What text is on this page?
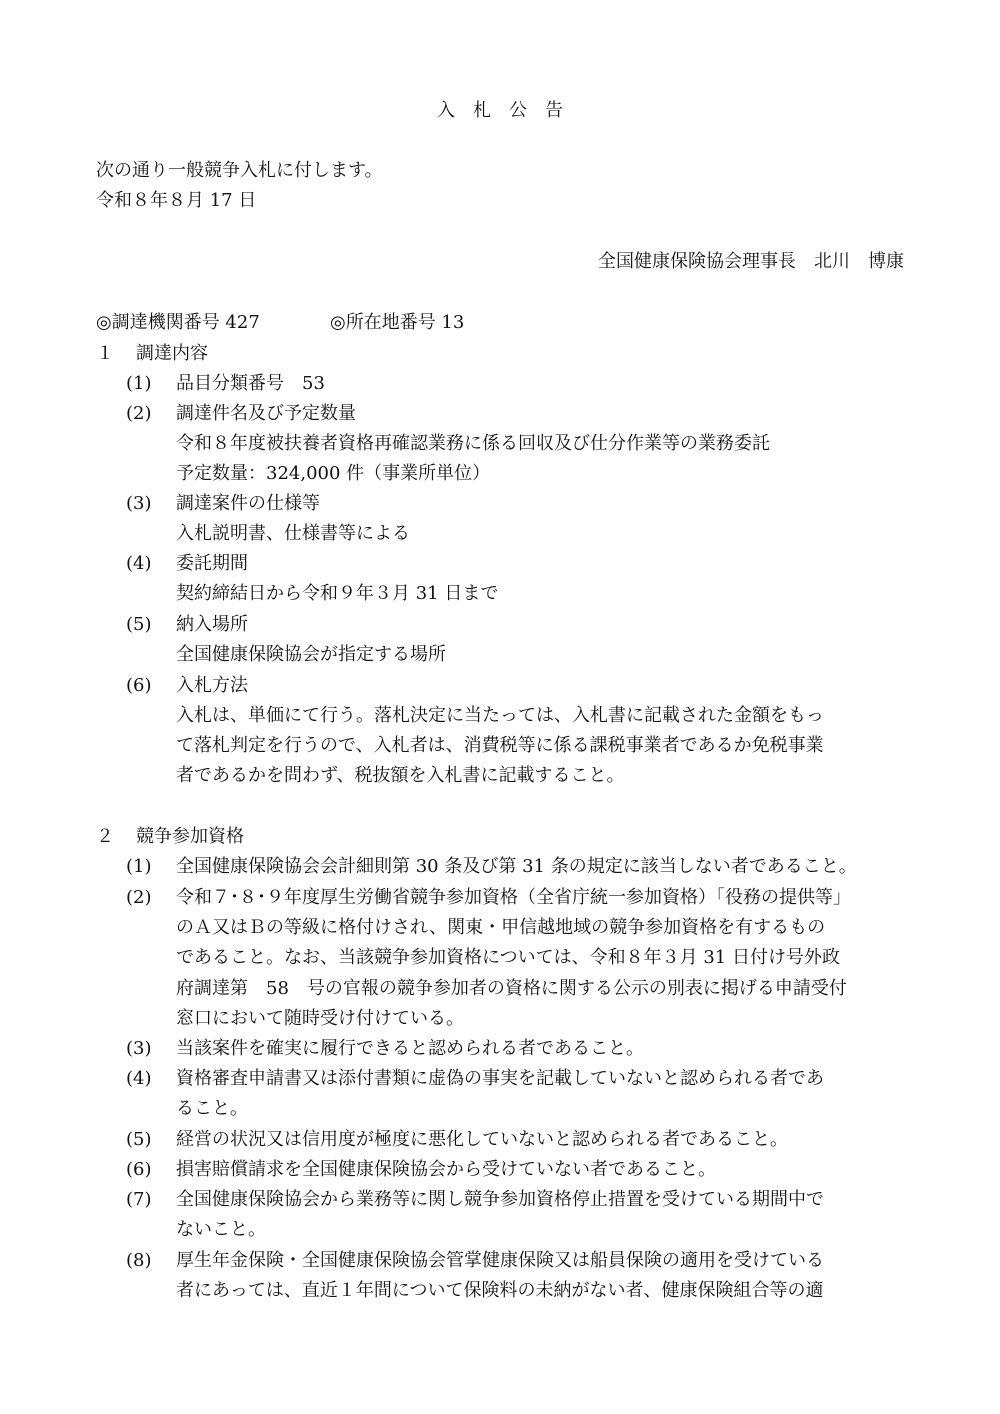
入　札　公　告
次の通り一般競争入札に付します。
令和８年８月 17 日
全国健康保険協会理事長　北川　博康
◎調達機関番号 427	◎所在地番号 13
１ 調達内容
(1) 品目分類番号　53
(2) 調達件名及び予定数量
令和８年度被扶養者資格再確認業務に係る回収及び仕分作業等の業務委託
予定数量：324,000 件（事業所単位）
(3) 調達案件の仕様等
入札説明書、仕様書等による
(4) 委託期間
契約締結日から令和９年３月 31 日まで
(5) 納入場所
全国健康保険協会が指定する場所
(6) 入札方法
入札は、単価にて行う。落札決定に当たっては、入札書に記載された金額をもっ
て落札判定を行うので、入札者は、消費税等に係る課税事業者であるか免税事業
者であるかを問わず、税抜額を入札書に記載すること。
２ 競争参加資格
(1) 全国健康保険協会会計細則第 30 条及び第 31 条の規定に該当しない者であること。
(2) 令和７･８･９年度厚生労働省競争参加資格（全省庁統一参加資格）「役務の提供等」
のＡ又はＢの等級に格付けされ、関東・甲信越地域の競争参加資格を有するもの
であること。なお、当該競争参加資格については、令和８年３月 31 日付け号外政
府調達第　58　号の官報の競争参加者の資格に関する公示の別表に掲げる申請受付
窓口において随時受け付けている。
(3) 当該案件を確実に履行できると認められる者であること。
(4) 資格審査申請書又は添付書類に虚偽の事実を記載していないと認められる者であ
ること。
(5) 経営の状況又は信用度が極度に悪化していないと認められる者であること。
(6) 損害賠償請求を全国健康保険協会から受けていない者であること。
(7) 全国健康保険協会から業務等に関し競争参加資格停止措置を受けている期間中で
ないこと。
(8) 厚生年金保険・全国健康保険協会管掌健康保険又は船員保険の適用を受けている
者にあっては、直近１年間について保険料の未納がない者、健康保険組合等の適
